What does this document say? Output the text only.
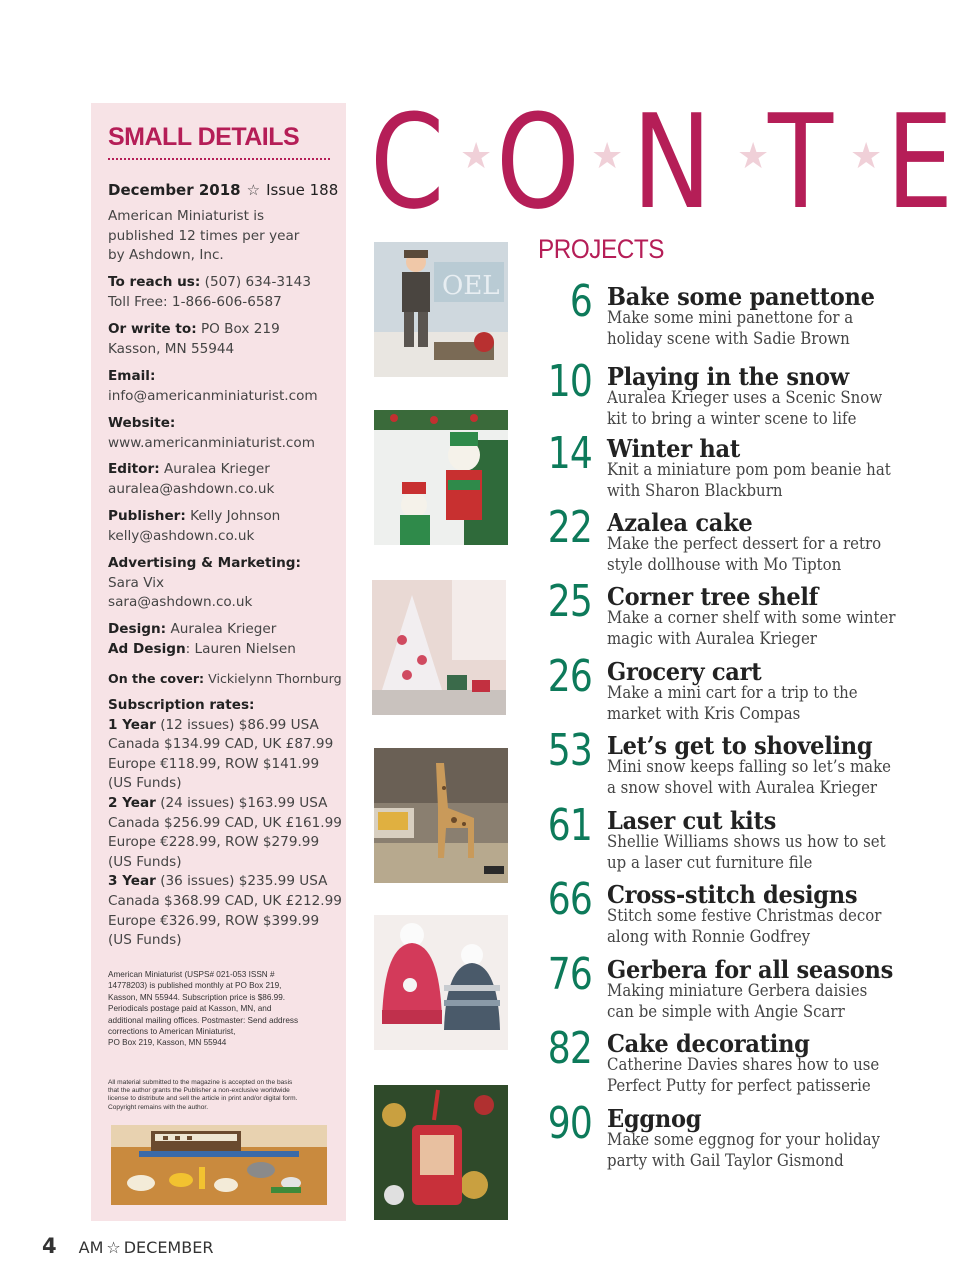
SMALL DETAILS
December 2018 ☆ Issue 188
American Miniaturist is
published 12 times per year
by Ashdown, Inc.
To reach us: (507) 634-3143
Toll Free: 1-866-606-6587
Or write to: PO Box 219
Kasson, MN 55944
Email:
info@americanminiaturist.com
Website:
www.americanminiaturist.com
Editor: Auralea Krieger
auralea@ashdown.co.uk
Publisher: Kelly Johnson
kelly@ashdown.co.uk
Advertising & Marketing:
Sara Vix
sara@ashdown.co.uk
Design: Auralea Krieger
Ad Design: Lauren Nielsen
On the cover: Vickielynn Thornburg
Subscription rates:
1 Year (12 issues) $86.99 USA
Canada $134.99 CAD, UK £87.99
Europe €118.99, ROW $141.99
(US Funds)
2 Year (24 issues) $163.99 USA
Canada $256.99 CAD, UK £161.99
Europe €228.99, ROW $279.99
(US Funds)
3 Year (36 issues) $235.99 USA
Canada $368.99 CAD, UK £212.99
Europe €326.99, ROW $399.99
(US Funds)
American Miniaturist (USPS# 021-053 ISSN #
14778203) is published monthly at PO Box 219,
Kasson, MN 55944. Subscription price is $86.99.
Periodicals postage paid at Kasson, MN, and
additional mailing offices. Postmaster: Send address
corrections to American Miniaturist,
PO Box 219, Kasson, MN 55944
All material submitted to the magazine is accepted on the basis
that the author grants the Publisher a non-exclusive worldwide
license to distribute and sell the article in print and/or digital form.
Copyright remains with the author.
C ★ O ★ N ★
T ★ E
PROJECTS
OEL 6 Bake some panettone
Make some mini panettone for a
holiday scene with Sadie Brown
10 Playing in the snow
Auralea Krieger uses a Scenic Snow
kit to bring a winter scene to life
14 Winter hat
Knit a miniature pom pom beanie hat
with Sharon Blackburn
22 Azalea cake
Make the perfect dessert for a retro
style dollhouse with Mo Tipton
25 Corner tree shelf
Make a corner shelf with some winter
magic with Auralea Krieger
26 Grocery cart
Make a mini cart for a trip to the
market with Kris Compas
53 Let’s get to shoveling
Mini snow keeps falling so let’s make
a snow shovel with Auralea Krieger
61 Laser cut kits
Shellie Williams shows us how to set
up a laser cut furniture file
66 Cross-stitch designs
Stitch some festive Christmas decor
along with Ronnie Godfrey
76 Gerbera for all seasons
Making miniature Gerbera daisies
can be simple with Angie Scarr
82 Cake decorating
Catherine Davies shares how to use
Perfect Putty for perfect patisserie
90 Eggnog
Make some eggnog for your holiday
party with Gail Taylor Gismond
4 AM ☆ DECEMBER
